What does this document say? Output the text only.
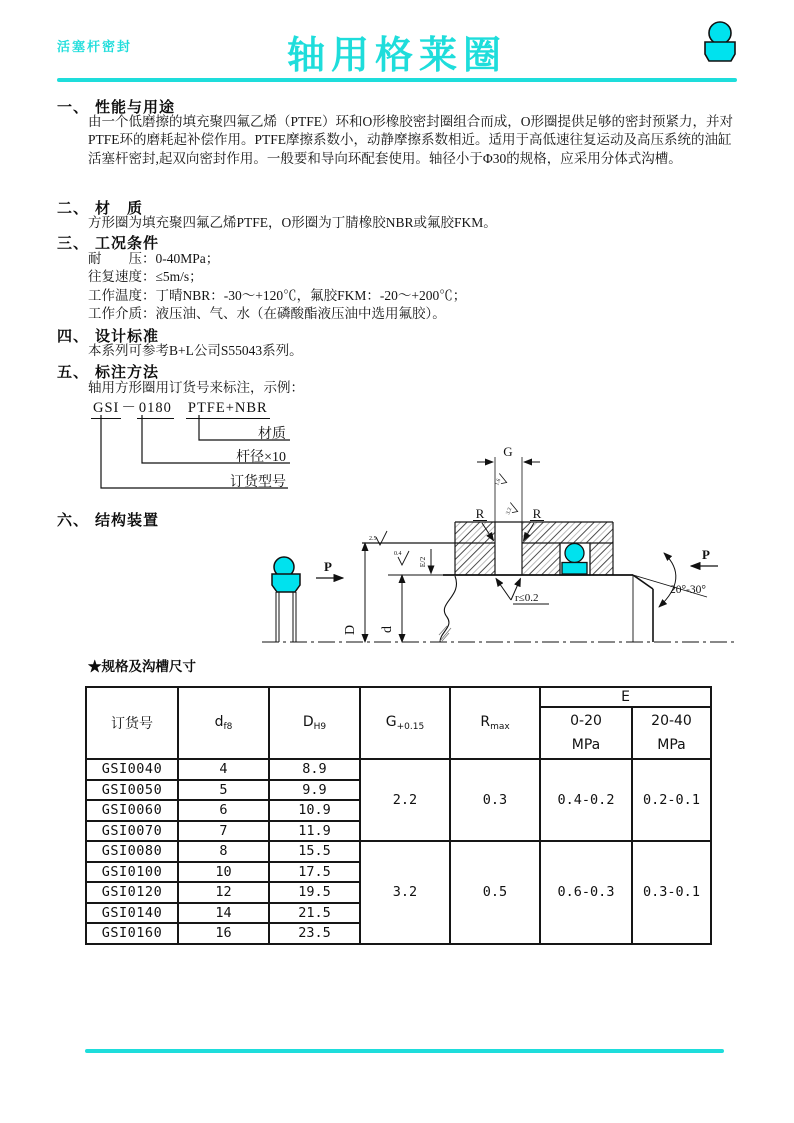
活塞杆密封	轴用格莱圈
一、 性能与用途
由一个低磨擦的填充聚四氟乙烯（PTFE）环和O形橡胶密封圈组合而成，O形圈提供足够的密封预紧力，并对PTFE环的磨耗起补偿作用。PTFE摩擦系数小，动静摩擦系数相近。适用于高低速往复运动及高压系统的油缸活塞杆密封,起双向密封作用。一般要和导向环配套使用。轴径小于Φ30的规格，应采用分体式沟槽。
二、 材　质
方形圈为填充聚四氟乙烯PTFE，O形圈为丁腈橡胶NBR或氟胶FKM。
三、 工况条件
耐　　压：0-40MPa；
往复速度：≤5m/s；
工作温度：丁晴NBR：-30～+120℃，氟胶FKM：-20～+200℃；
工作介质：液压油、气、水（在磷酸酯液压油中选用氟胶）。
四、 设计标准
本系列可参考B+L公司S55043系列。
五、 标注方法
轴用方形圈用订货号来标注，示例：
GSI － 0180 PTFE+NBR
材质
杆径×10
订货型号
六、 结构装置
P
G
1.6
3.2
R	R
D d
2.5
0.4
E/2
r≤0.2
20°-30°
P
★规格及沟槽尺寸
订货号	$d_{f8}$	$D_{H9}$	$G_{+0.15}$	$R_{max}$	E	

0-20
MPa

20-40
MPa

GSI0040	4	8.9	2.2	0.3	0.4-0.2	0.2-0.1
GSI0050	5	9.9				
GSI0060	6	10.9				
GSI0070	7	11.9				
GSI0080	8	15.5	3.2	0.5	0.6-0.3	0.3-0.1
GSI0100	10	17.5				
GSI0120	12	19.5				
GSI0140	14	21.5				
GSI0160	16	23.5				
